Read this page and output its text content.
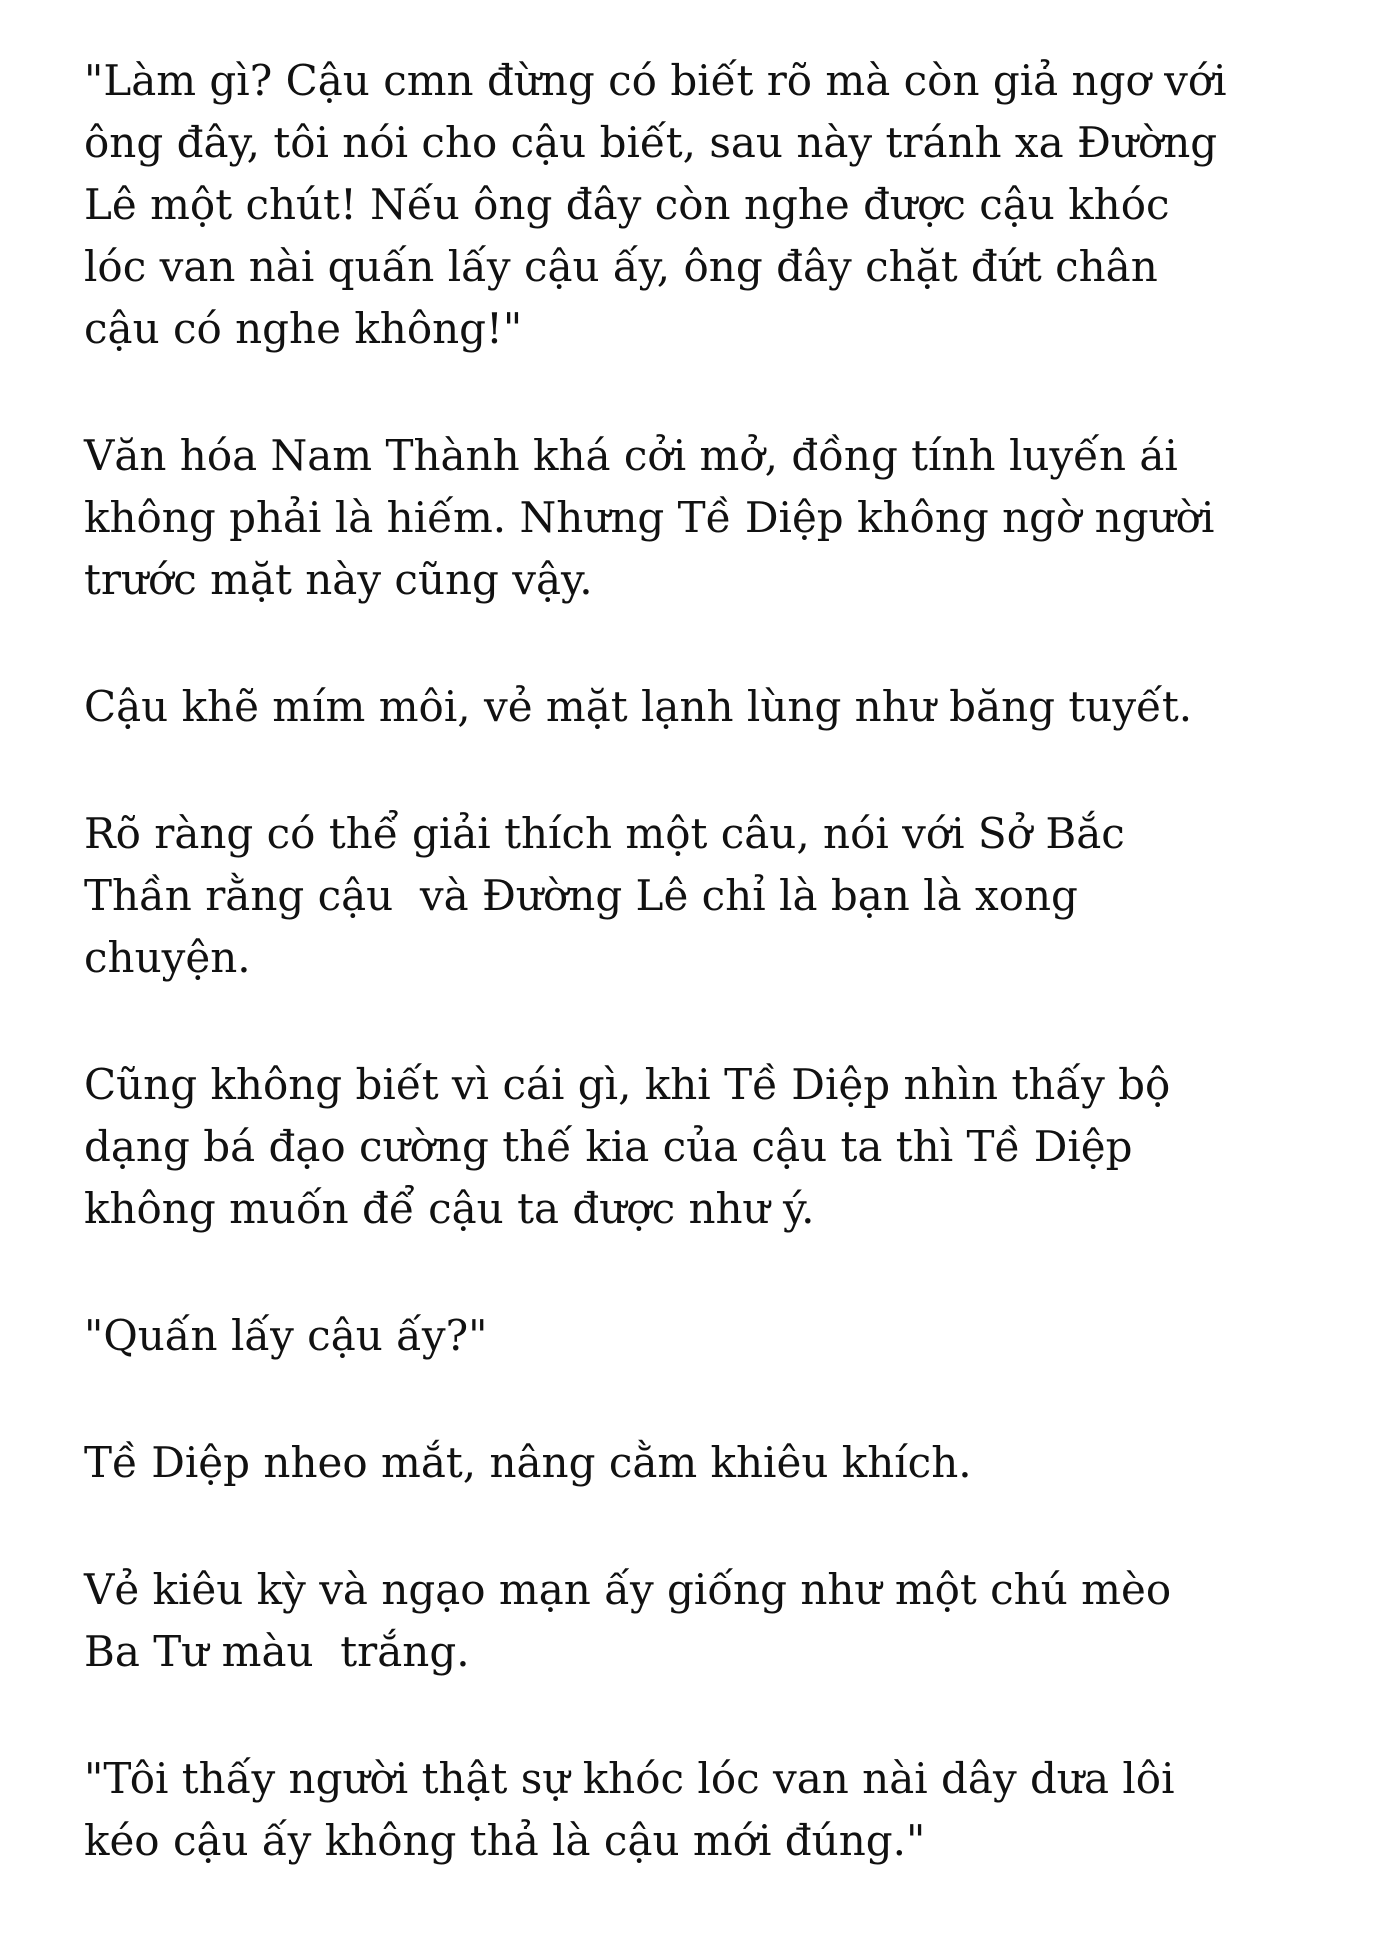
"Làm gì? Cậu cmn đừng có biết rõ mà còn giả ngơ với
ông đây, tôi nói cho cậu biết, sau này tránh xa Đường
Lê một chút! Nếu ông đây còn nghe được cậu khóc
lóc van nài quấn lấy cậu ấy, ông đây chặt đứt chân
cậu có nghe không!"

Văn hóa Nam Thành khá cởi mở, đồng tính luyến ái
không phải là hiếm. Nhưng Tề Diệp không ngờ người
trước mặt này cũng vậy.

Cậu khẽ mím môi, vẻ mặt lạnh lùng như băng tuyết.

Rõ ràng có thể giải thích một câu, nói với Sở Bắc
Thần rằng cậu  và Đường Lê chỉ là bạn là xong
chuyện.

Cũng không biết vì cái gì, khi Tề Diệp nhìn thấy bộ
dạng bá đạo cường thế kia của cậu ta thì Tề Diệp
không muốn để cậu ta được như ý.

"Quấn lấy cậu ấy?"

Tề Diệp nheo mắt, nâng cằm khiêu khích.

Vẻ kiêu kỳ và ngạo mạn ấy giống như một chú mèo
Ba Tư màu  trắng.

"Tôi thấy người thật sự khóc lóc van nài dây dưa lôi
kéo cậu ấy không thả là cậu mới đúng."
